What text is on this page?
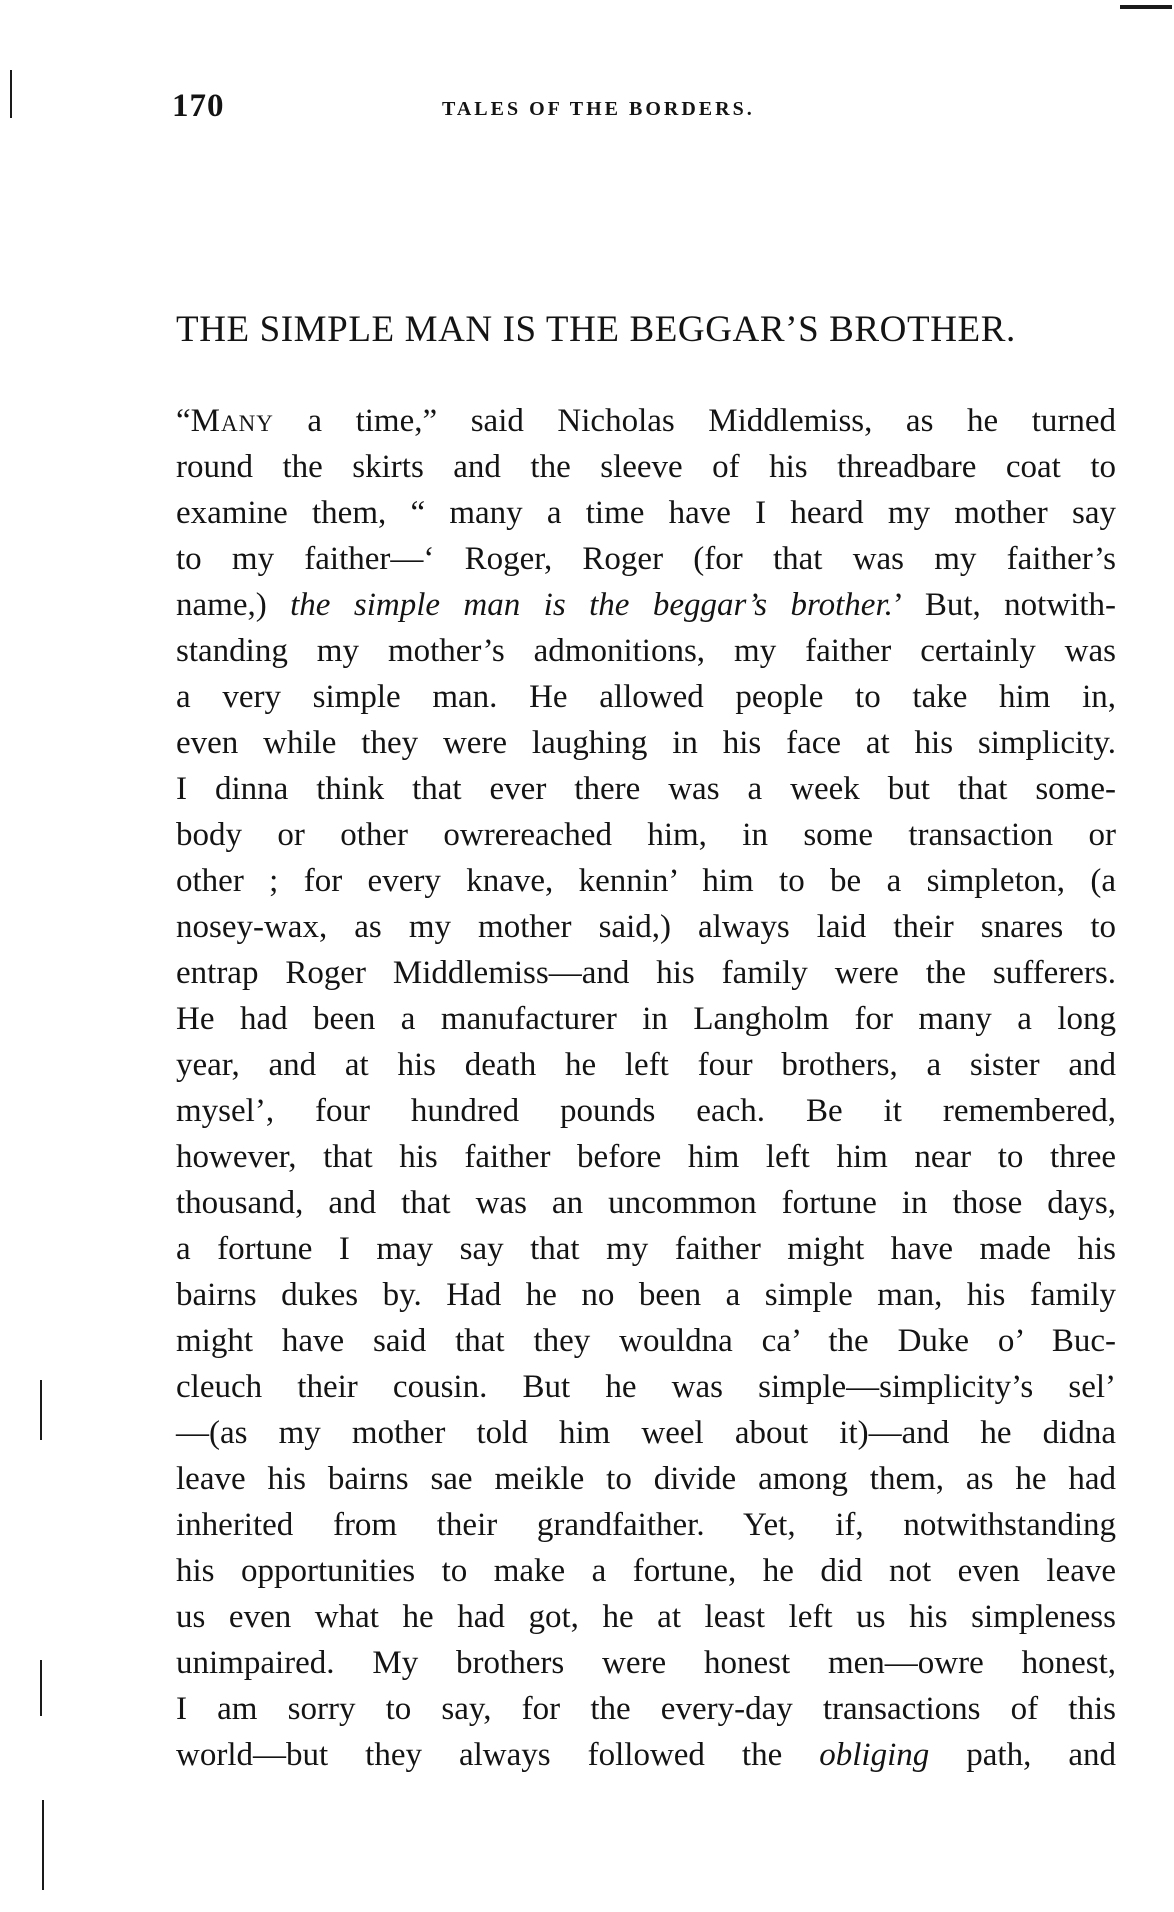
170	TALES OF THE BORDERS.
THE SIMPLE MAN IS THE BEGGAR’S BROTHER.
“Many a time,” said Nicholas Middlemiss, as he turned
round the skirts and the sleeve of his threadbare coat to
examine them, “ many a time have I heard my mother say
to my faither—‘ Roger, Roger (for that was my faither’s
name,) the simple man is the beggar’s brother.’ But, notwith-
standing my mother’s admonitions, my faither certainly was
a very simple man. He allowed people to take him in,
even while they were laughing in his face at his simplicity.
I dinna think that ever there was a week but that some-
body or other owrereached him, in some transaction or
other ; for every knave, kennin’ him to be a simpleton, (a
nosey-wax, as my mother said,) always laid their snares to
entrap Roger Middlemiss—and his family were the sufferers.
He had been a manufacturer in Langholm for many a long
year, and at his death he left four brothers, a sister and
mysel’, four hundred pounds each. Be it remembered,
however, that his faither before him left him near to three
thousand, and that was an uncommon fortune in those days,
a fortune I may say that my faither might have made his
bairns dukes by. Had he no been a simple man, his family
might have said that they wouldna ca’ the Duke o’ Buc-
cleuch their cousin. But he was simple—simplicity’s sel’
—(as my mother told him weel about it)—and he didna
leave his bairns sae meikle to divide among them, as he had
inherited from their grandfaither. Yet, if, notwithstanding
his opportunities to make a fortune, he did not even leave
us even what he had got, he at least left us his simpleness
unimpaired. My brothers were honest men—owre honest,
I am sorry to say, for the every-day transactions of this
world—but they always followed the obliging path, and
